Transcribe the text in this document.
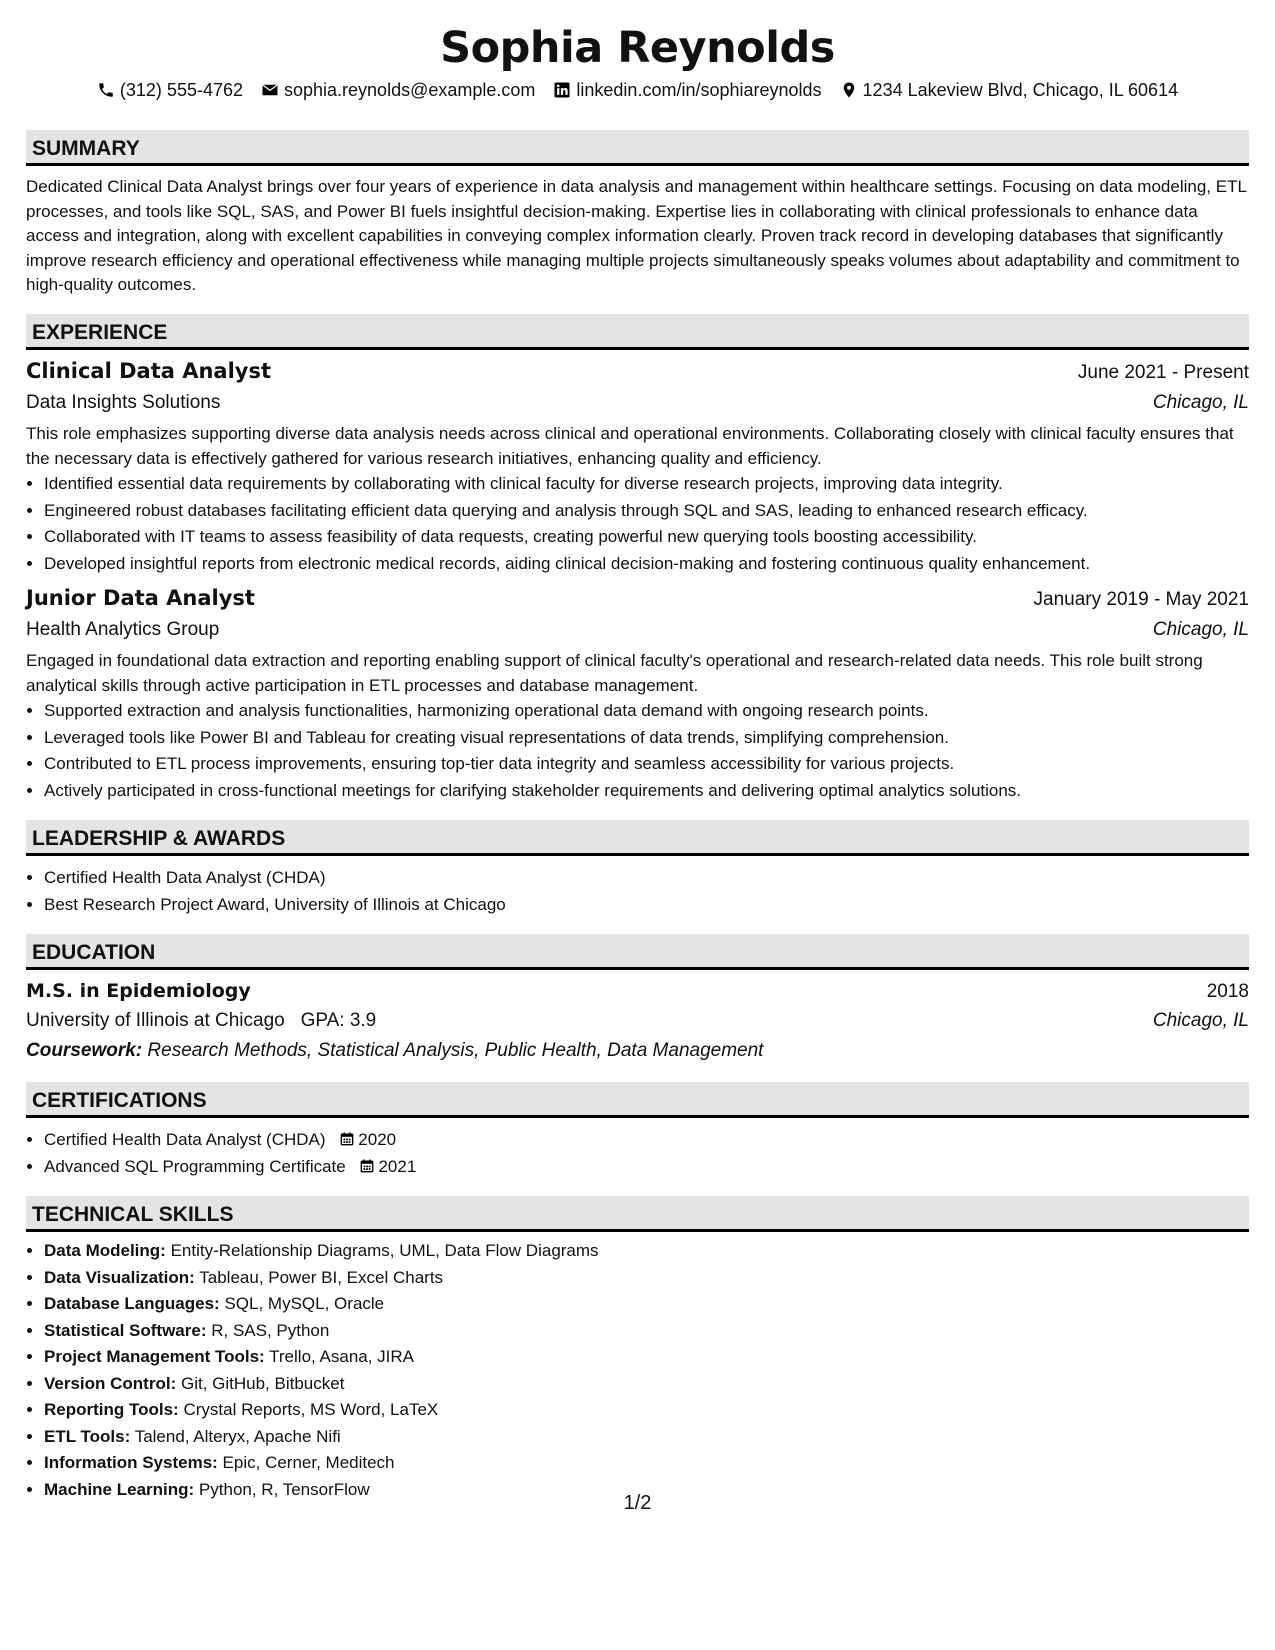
Sophia Reynolds
(312) 555-4762 sophia.reynolds@example.com linkedin.com/in/sophiareynolds 1234 Lakeview Blvd, Chicago, IL 60614
SUMMARY
Dedicated Clinical Data Analyst brings over four years of experience in data analysis and management within healthcare settings. Focusing on data modeling, ETL processes, and tools like SQL, SAS, and Power BI fuels insightful decision-making. Expertise lies in collaborating with clinical professionals to enhance data access and integration, along with excellent capabilities in conveying complex information clearly. Proven track record in developing databases that significantly improve research efficiency and operational effectiveness while managing multiple projects simultaneously speaks volumes about adaptability and commitment to high-quality outcomes.
EXPERIENCE
Clinical Data Analyst	June 2021 - Present
Data Insights Solutions	Chicago, IL
This role emphasizes supporting diverse data analysis needs across clinical and operational environments. Collaborating closely with clinical faculty ensures that the necessary data is effectively gathered for various research initiatives, enhancing quality and efficiency.
• Identified essential data requirements by collaborating with clinical faculty for diverse research projects, improving data integrity.
• Engineered robust databases facilitating efficient data querying and analysis through SQL and SAS, leading to enhanced research efficacy.
• Collaborated with IT teams to assess feasibility of data requests, creating powerful new querying tools boosting accessibility.
• Developed insightful reports from electronic medical records, aiding clinical decision-making and fostering continuous quality enhancement.
Junior Data Analyst	January 2019 - May 2021
Health Analytics Group	Chicago, IL
Engaged in foundational data extraction and reporting enabling support of clinical faculty's operational and research-related data needs. This role built strong analytical skills through active participation in ETL processes and database management.
• Supported extraction and analysis functionalities, harmonizing operational data demand with ongoing research points.
• Leveraged tools like Power BI and Tableau for creating visual representations of data trends, simplifying comprehension.
• Contributed to ETL process improvements, ensuring top-tier data integrity and seamless accessibility for various projects.
• Actively participated in cross-functional meetings for clarifying stakeholder requirements and delivering optimal analytics solutions.
LEADERSHIP & AWARDS
• Certified Health Data Analyst (CHDA)
• Best Research Project Award, University of Illinois at Chicago
EDUCATION
M.S. in Epidemiology	2018
University of Illinois at Chicago GPA: 3.9	Chicago, IL
Coursework: Research Methods, Statistical Analysis, Public Health, Data Management
CERTIFICATIONS
• Certified Health Data Analyst (CHDA) 2020
• Advanced SQL Programming Certificate 2021
TECHNICAL SKILLS
• Data Modeling: Entity-Relationship Diagrams, UML, Data Flow Diagrams
• Data Visualization: Tableau, Power BI, Excel Charts
• Database Languages: SQL, MySQL, Oracle
• Statistical Software: R, SAS, Python
• Project Management Tools: Trello, Asana, JIRA
• Version Control: Git, GitHub, Bitbucket
• Reporting Tools: Crystal Reports, MS Word, LaTeX
• ETL Tools: Talend, Alteryx, Apache Nifi
• Information Systems: Epic, Cerner, Meditech
• Machine Learning: Python, R, TensorFlow
1/2
